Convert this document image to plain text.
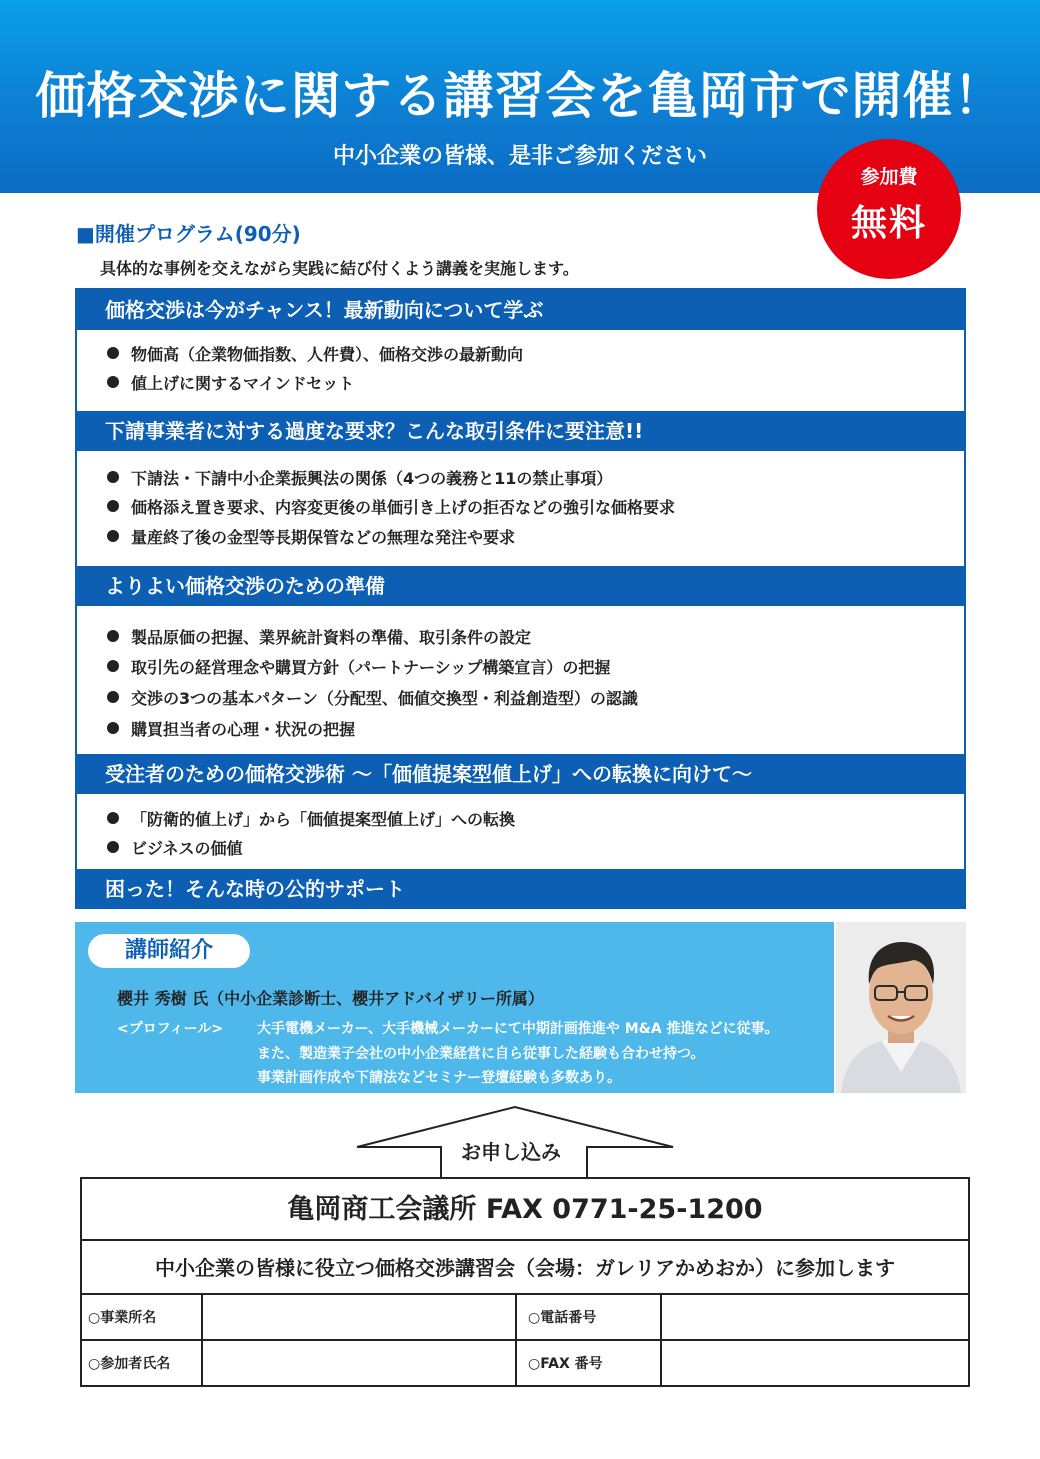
価格交渉に関する講習会を亀岡市で開催！
中小企業の皆様、是非ご参加ください
参加費
無料
■開催プログラム(90分)
具体的な事例を交えながら実践に結び付くよう講義を実施します。
価格交渉は今がチャンス！最新動向について学ぶ
物価高（企業物価指数、人件費）、価格交渉の最新動向
値上げに関するマインドセット
下請事業者に対する過度な要求？こんな取引条件に要注意!!
下請法・下請中小企業振興法の関係（4つの義務と11の禁止事項）
価格添え置き要求、内容変更後の単価引き上げの拒否などの強引な価格要求
量産終了後の金型等長期保管などの無理な発注や要求
よりよい価格交渉のための準備
製品原価の把握、業界統計資料の準備、取引条件の設定
取引先の経営理念や購買方針（パートナーシップ構築宣言）の把握
交渉の3つの基本パターン（分配型、価値交換型・利益創造型）の認識
購買担当者の心理・状況の把握
受注者のための価格交渉術 〜「価値提案型値上げ」への転換に向けて〜
「防衛的値上げ」から「価値提案型値上げ」への転換
ビジネスの価値
困った！そんな時の公的サポート
講師紹介
櫻井 秀樹 氏（中小企業診断士、櫻井アドバイザリー所属）
<プロフィール> 大手電機メーカー、大手機械メーカーにて中期計画推進や M&A 推進などに従事。
また、製造業子会社の中小企業経営に自ら従事した経験も合わせ持つ。
事業計画作成や下請法などセミナー登壇経験も多数あり。
お申し込み
亀岡商工会議所 FAX 0771-25-1200
中小企業の皆様に役立つ価格交渉講習会（会場：ガレリアかめおか）に参加します
○事業所名	○電話番号
○参加者氏名	○FAX 番号
